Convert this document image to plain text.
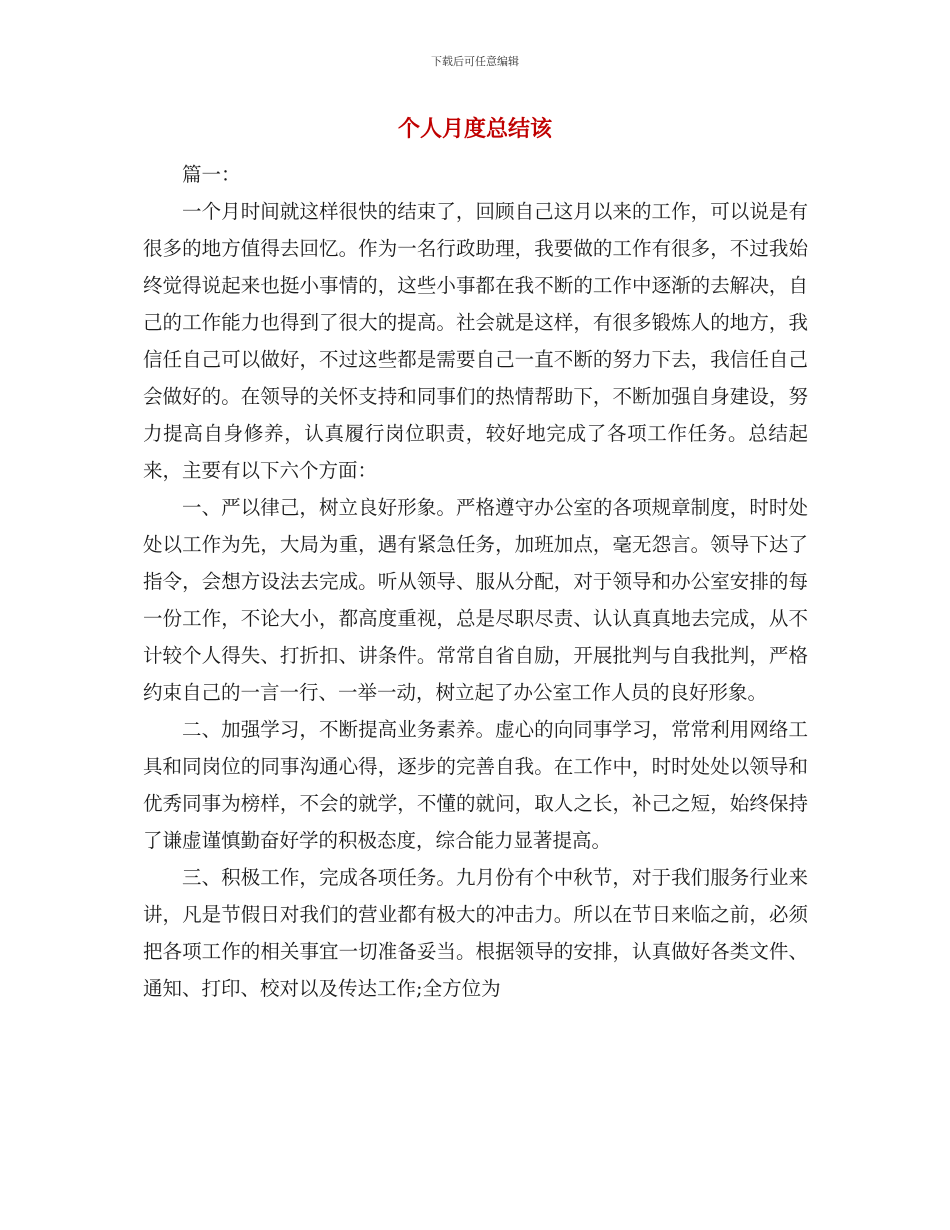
下载后可任意编辑
个人月度总结该

篇一：

一个月时间就这样很快的结束了，回顾自己这月以来的工作，可以说是有很多的地方值得去回忆。作为一名行政助理，我要做的工作有很多，不过我始终觉得说起来也挺小事情的，这些小事都在我不断的工作中逐渐的去解决，自己的工作能力也得到了很大的提高。社会就是这样，有很多锻炼人的地方，我信任自己可以做好，不过这些都是需要自己一直不断的努力下去，我信任自己会做好的。在领导的关怀支持和同事们的热情帮助下，不断加强自身建设，努力提高自身修养，认真履行岗位职责，较好地完成了各项工作任务。总结起来，主要有以下六个方面：

一、严以律己，树立良好形象。严格遵守办公室的各项规章制度，时时处处以工作为先，大局为重，遇有紧急任务，加班加点，毫无怨言。领导下达了指令，会想方设法去完成。听从领导、服从分配，对于领导和办公室安排的每一份工作，不论大小，都高度重视，总是尽职尽责、认认真真地去完成，从不计较个人得失、打折扣、讲条件。常常自省自励，开展批判与自我批判，严格约束自己的一言一行、一举一动，树立起了办公室工作人员的良好形象。

二、加强学习，不断提高业务素养。虚心的向同事学习，常常利用网络工具和同岗位的同事沟通心得，逐步的完善自我。在工作中，时时处处以领导和优秀同事为榜样，不会的就学，不懂的就问，取人之长，补己之短，始终保持了谦虚谨慎勤奋好学的积极态度，综合能力显著提高。

三、积极工作，完成各项任务。九月份有个中秋节，对于我们服务行业来讲，凡是节假日对我们的营业都有极大的冲击力。所以在节日来临之前，必须把各项工作的相关事宜一切准备妥当。根据领导的安排，认真做好各类文件、通知、打印、校对以及传达工作;全方位为
